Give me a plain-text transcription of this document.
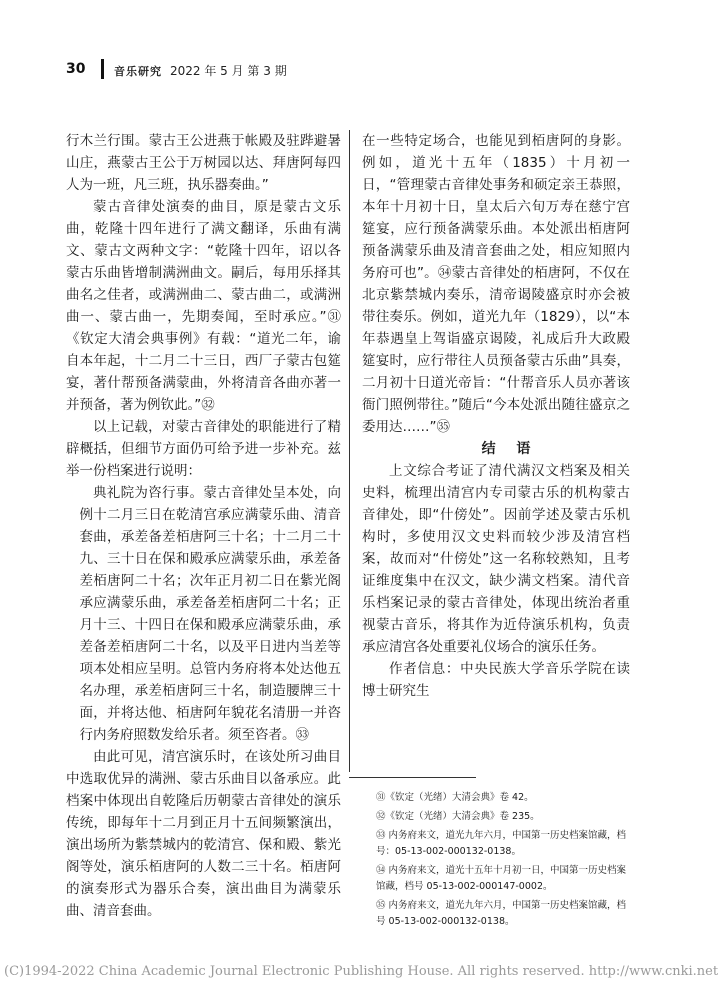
30	音乐研究 2022 年 5 月 第 3 期

行木兰行围。蒙古王公进燕于帐殿及驻跸避暑山庄，燕蒙古王公于万树园以达、拜唐阿每四人为一班，凡三班，执乐器奏曲。”

蒙古音律处演奏的曲目，原是蒙古文乐曲，乾隆十四年进行了满文翻译，乐曲有满文、蒙古文两种文字：“乾隆十四年，诏以各蒙古乐曲皆增制满洲曲文。嗣后，每用乐择其曲名之佳者，或满洲曲二、蒙古曲二，或满洲曲一、蒙古曲一，先期奏闻，至时承应。”㉛《钦定大清会典事例》有载：“道光二年，谕自本年起，十二月二十三日，西厂子蒙古包筵宴，著什帮预备满蒙曲，外将清音各曲亦著一并预备，著为例钦此。”㉜

以上记载，对蒙古音律处的职能进行了精辟概括，但细节方面仍可给予进一步补充。兹举一份档案进行说明：

典礼院为咨行事。蒙古音律处呈本处，向例十二月三日在乾清宫承应满蒙乐曲、清音套曲，承差备差栢唐阿三十名；十二月二十九、三十日在保和殿承应满蒙乐曲，承差备差栢唐阿二十名；次年正月初二日在紫光阁承应满蒙乐曲，承差备差栢唐阿二十名；正月十三、十四日在保和殿承应满蒙乐曲，承差备差栢唐阿二十名，以及平日进内当差等项本处相应呈明。总管内务府将本处达他五名办理，承差栢唐阿三十名，制造腰牌三十面，并将达他、栢唐阿年貌花名清册一并咨行内务府照数发给乐者。须至咨者。㉝

由此可见，清宫演乐时，在该处所习曲目中选取优异的满洲、蒙古乐曲目以备承应。此档案中体现出自乾隆后历朝蒙古音律处的演乐传统，即每年十二月到正月十五间频繁演出，演出场所为紫禁城内的乾清宫、保和殿、紫光阁等处，演乐栢唐阿的人数二三十名。栢唐阿的演奏形式为器乐合奏，演出曲目为满蒙乐曲、清音套曲。

在一些特定场合，也能见到栢唐阿的身影。例如，道光十五年（1835）十月初一日，“管理蒙古音律处事务和硕定亲王恭照，本年十月初十日，皇太后六旬万寿在慈宁宫筵宴，应行预备满蒙乐曲。本处派出栢唐阿预备满蒙乐曲及清音套曲之处，相应知照内务府可也”。㉞蒙古音律处的栢唐阿，不仅在北京紫禁城内奏乐，清帝谒陵盛京时亦会被带往奏乐。例如，道光九年（1829），以“本年恭遇皇上驾诣盛京谒陵，礼成后升大政殿筵宴时，应行带往人员预备蒙古乐曲”具奏，二月初十日道光帝旨：“什帮音乐人员亦著该衙门照例带往。”随后“今本处派出随往盛京之委用达……”㉟

结 语

上文综合考证了清代满汉文档案及相关史料，梳理出清宫内专司蒙古乐的机构蒙古音律处，即“什傍处”。因前学述及蒙古乐机构时，多使用汉文史料而较少涉及清宫档案，故而对“什傍处”这一名称较熟知，且考证维度集中在汉文，缺少满文档案。清代音乐档案记录的蒙古音律处，体现出统治者重视蒙古音乐，将其作为近侍演乐机构，负责承应清宫各处重要礼仪场合的演乐任务。

作者信息：中央民族大学音乐学院在读博士研究生

㉛《钦定（光绪）大清会典》卷 42。

㉜《钦定（光绪）大清会典》卷 235。

㉝ 内务府来文，道光九年六月，中国第一历史档案馆藏，档号：05-13-002-000132-0138。

㉞ 内务府来文，道光十五年十月初一日，中国第一历史档案馆藏，档号 05-13-002-000147-0002。

㉟ 内务府来文，道光九年六月，中国第一历史档案馆藏，档号 05-13-002-000132-0138。

(C)1994-2022 China Academic Journal Electronic Publishing House. All rights reserved. http://www.cnki.net
